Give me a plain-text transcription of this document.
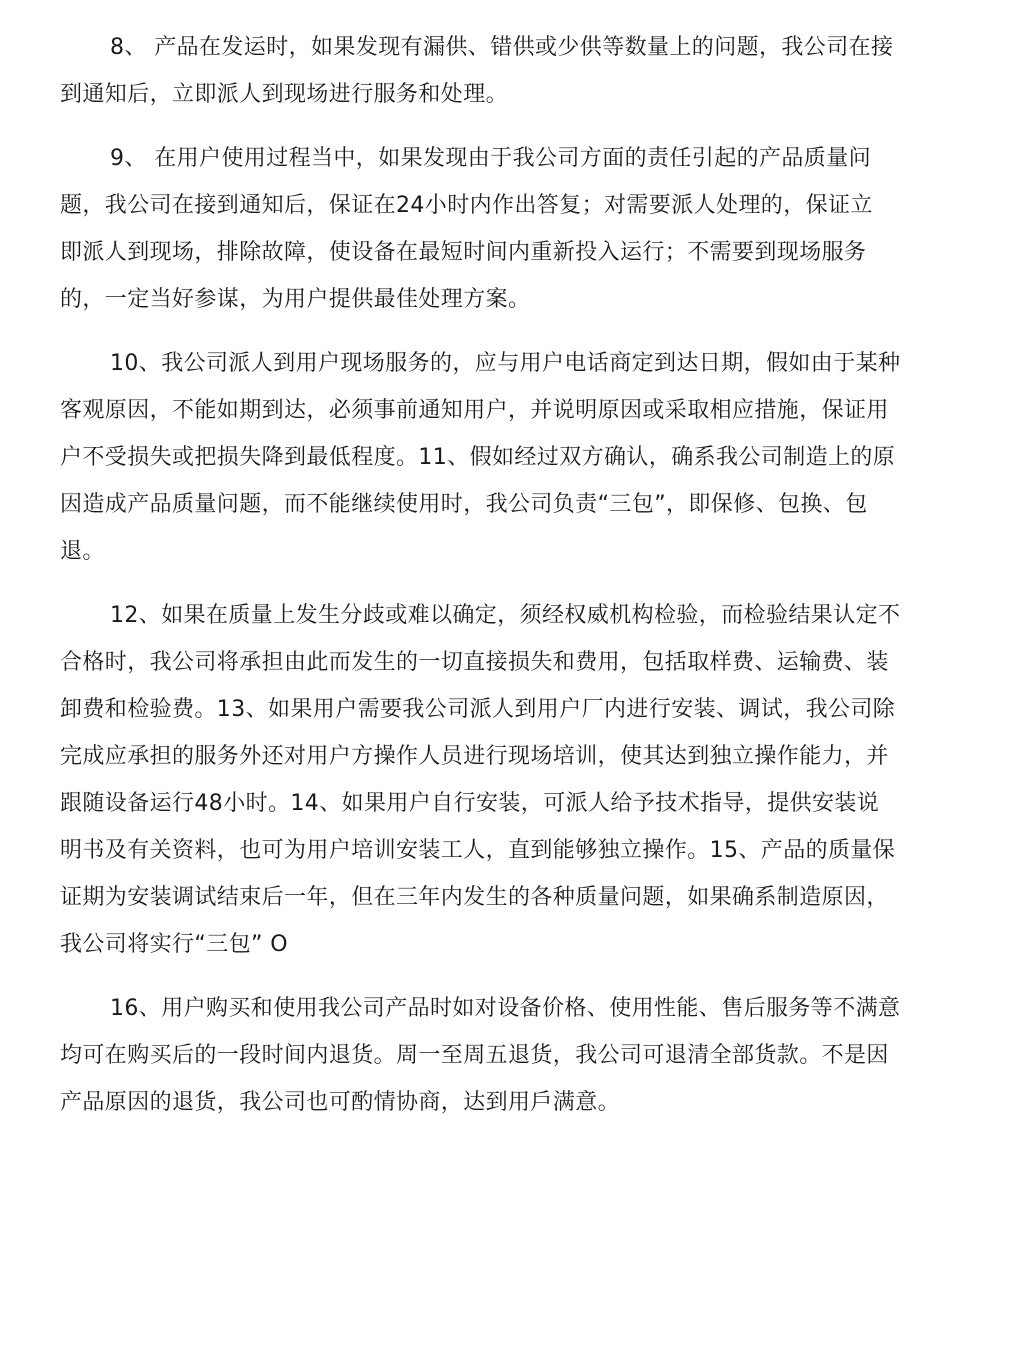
8、 产品在发运时，如果发现有漏供、错供或少供等数量上的问题，我公司在接

到通知后，立即派人到现场进行服务和处理。

9、 在用户使用过程当中，如果发现由于我公司方面的责任引起的产品质量问

题，我公司在接到通知后，保证在24小时内作出答复；对需要派人处理的，保证立

即派人到现场，排除故障，使设备在最短时间内重新投入运行；不需要到现场服务

的，一定当好参谋，为用户提供最佳处理方案。

10、我公司派人到用户现场服务的，应与用户电话商定到达日期，假如由于某种

客观原因，不能如期到达，必须事前通知用户，并说明原因或采取相应措施，保证用

户不受损失或把损失降到最低程度。11、假如经过双方确认，确系我公司制造上的原

因造成产品质量问题，而不能继续使用时，我公司负责“三包”，即保修、包换、包

退。

12、如果在质量上发生分歧或难以确定，须经权威机构检验，而检验结果认定不

合格时，我公司将承担由此而发生的一切直接损失和费用，包括取样费、运输费、装

卸费和检验费。13、如果用户需要我公司派人到用户厂内进行安装、调试，我公司除

完成应承担的服务外还对用户方操作人员进行现场培训，使其达到独立操作能力，并

跟随设备运行48小时。14、如果用户自行安装，可派人给予技术指导，提供安装说

明书及有关资料，也可为用户培训安装工人，直到能够独立操作。15、产品的质量保

证期为安装调试结束后一年，但在三年内发生的各种质量问题，如果确系制造原因，

我公司将实行“三包” O

16、用户购买和使用我公司产品时如对设备价格、使用性能、售后服务等不满意

均可在购买后的一段时间内退货。周一至周五退货，我公司可退清全部货款。不是因

产品原因的退货，我公司也可酌情协商，达到用戶满意。
